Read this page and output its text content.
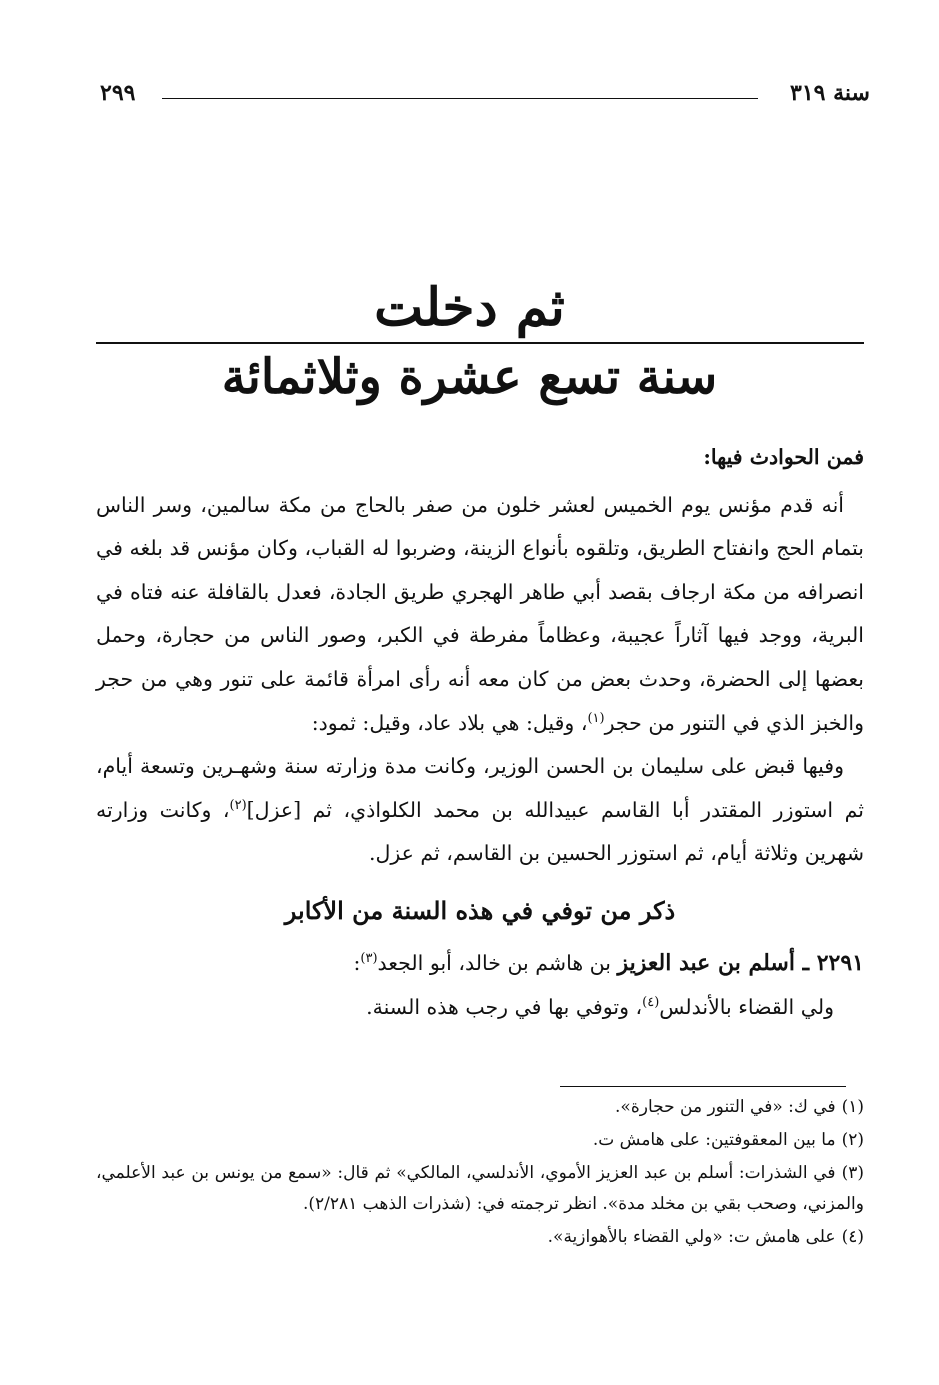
سنة ٣١٩
٢٩٩
ثم دخلت
سنة تسع عشرة وثلاثمائة

فمن الحوادث فيها:

أنه قدم مؤنس يوم الخميس لعشر خلون من صفر بالحاج من مكة سالمين، وسر الناس بتمام الحج وانفتاح الطريق، وتلقوه بأنواع الزينة، وضربوا له القباب، وكان مؤنس قد بلغه في انصرافه من مكة ارجاف بقصد أبي طاهر الهجري طريق الجادة، فعدل بالقافلة عنه فتاه في البرية، ووجد فيها آثاراً عجيبة، وعظاماً مفرطة في الكبر، وصور الناس من حجارة، وحمل بعضها إلى الحضرة، وحدث بعض من كان معه أنه رأى امرأة قائمة على تنور وهي من حجر والخبز الذي في التنور من حجر$^{(١)}$، وقيل: هي بلاد عاد، وقيل: ثمود:

وفيها قبض على سليمان بن الحسن الوزير، وكانت مدة وزارته سنة وشهـرين وتسعة أيام، ثم استوزر المقتدر أبا القاسم عبيدالله بن محمد الكلواذي، ثم [عزل]$^{(٢)}$، وكانت وزارته شهرين وثلاثة أيام، ثم استوزر الحسين بن القاسم، ثم عزل.

ذكر من توفي في هذه السنة من الأكابر

٢٢٩١ ـ أسلم بن عبد العزيز بن هاشم بن خالد، أبو الجعد$^{(٣)}$:

ولي القضاء بالأندلس$^{(٤)}$، وتوفي بها في رجب هذه السنة.

(١)في ك: «في التنور من حجارة».

(٢)ما بين المعقوفتين: على هامش ت.

(٣)في الشذرات: أسلم بن عبد العزيز الأموي، الأندلسي، المالكي» ثم قال: «سمع من يونس بن عبد الأعلمي، والمزني، وصحب بقي بن مخلد مدة». انظر ترجمته في: (شذرات الذهب ٢/٢٨١).

(٤)على هامش ت: «ولي القضاء بالأهوازية».
